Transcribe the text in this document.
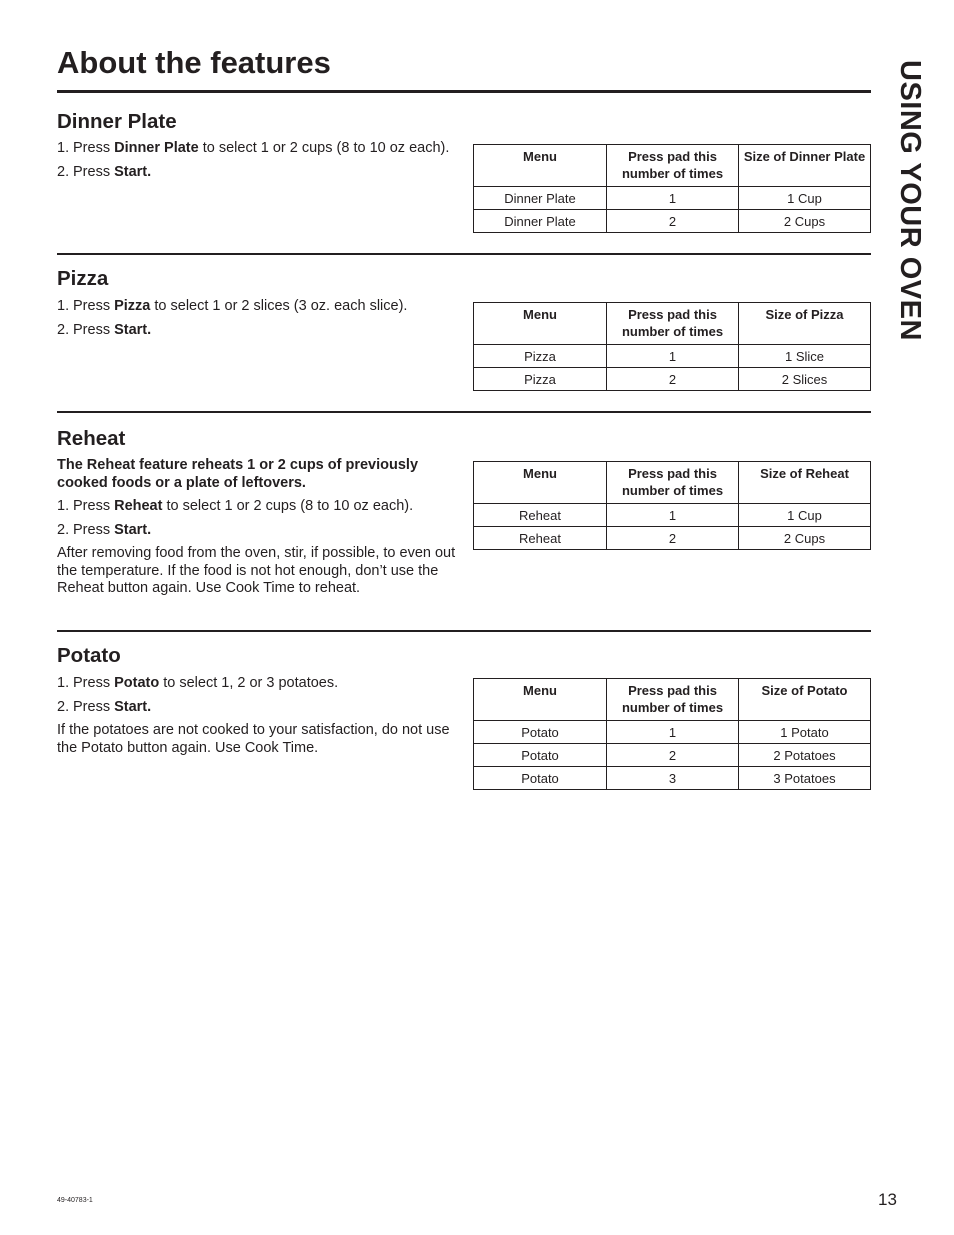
About the features	USING YOUR OVEN
Dinner Plate
1. Press Dinner Plate to select 1 or 2 cups (8 to 10 oz each).
2. Press Start.
Menu	Press pad this number of times	Size of Dinner Plate
Dinner Plate	1	1 Cup
Dinner Plate	2	2 Cups
Pizza
1. Press Pizza to select 1 or 2 slices (3 oz. each slice).
2. Press Start.
Menu	Press pad this number of times	Size of Pizza
Pizza	1	1 Slice
Pizza	2	2 Slices
Reheat

The Reheat feature reheats 1 or 2 cups of previously cooked foods or a plate of leftovers.

1. Press Reheat to select 1 or 2 cups (8 to 10 oz each).
2. Press Start.

After removing food from the oven, stir, if possible, to even out the temperature. If the food is not hot enough, don’t use the Reheat button again. Use Cook Time to reheat.

Menu	Press pad this number of times	Size of Reheat
Reheat	1	1 Cup
Reheat	2	2 Cups
Potato
1. Press Potato to select 1, 2 or 3 potatoes.
2. Press Start.

If the potatoes are not cooked to your satisfaction, do not use the Potato button again. Use Cook Time.

Menu	Press pad this number of times	Size of Potato
Potato	1	1 Potato
Potato	2	2 Potatoes
Potato	3	3 Potatoes
49-40783-1	13
